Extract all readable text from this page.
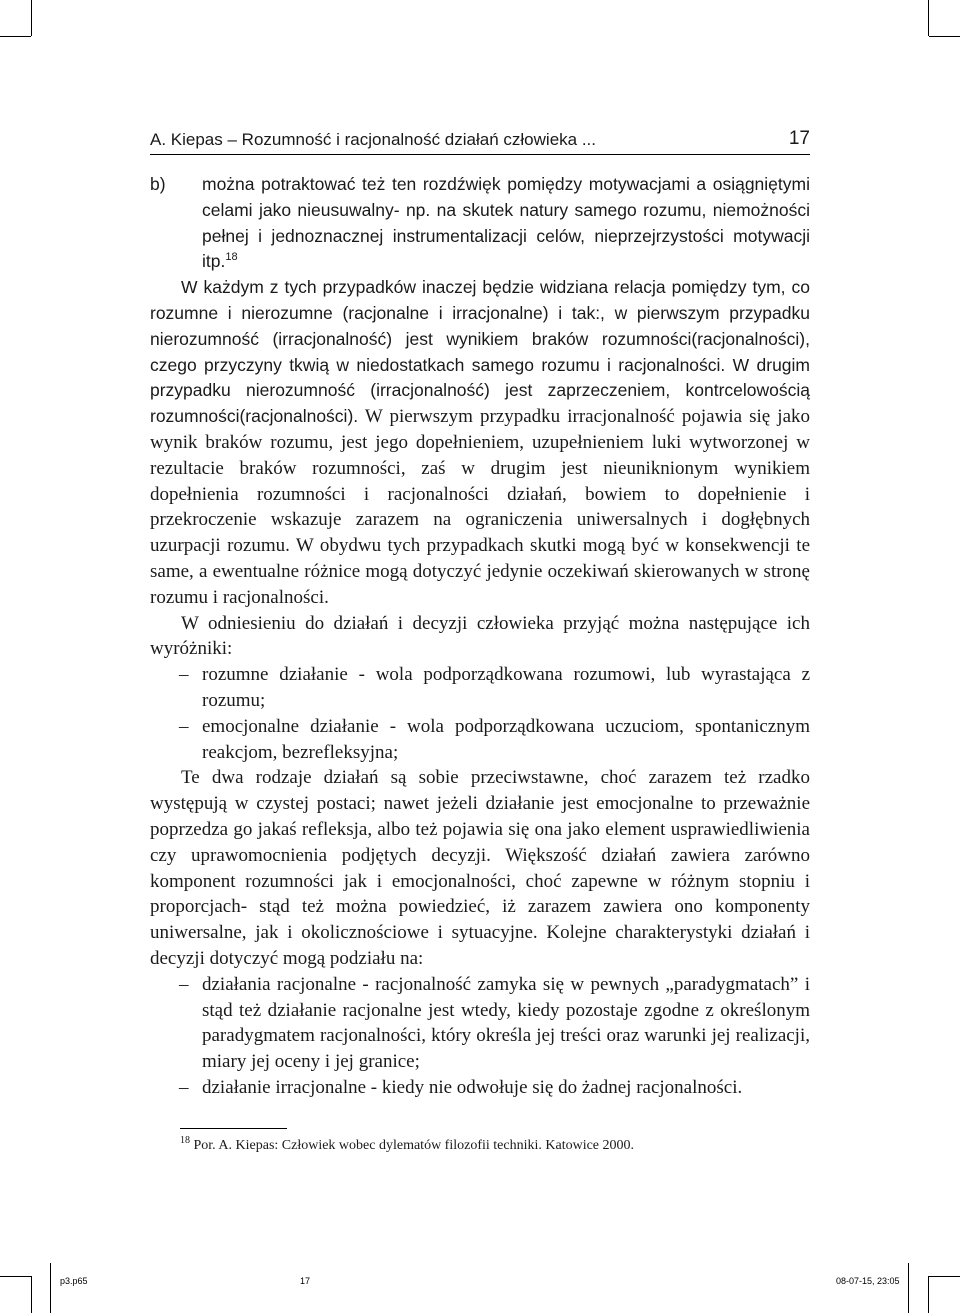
A. Kiepas – Rozumność i racjonalność działań człowieka ...	17

b) można potraktować też ten rozdźwięk pomiędzy motywacjami a osiągniętymi celami jako nieusuwalny- np. na skutek natury samego rozumu, niemożności pełnej i jednoznacznej instrumentalizacji celów, nieprzejrzystości motywacji itp.$^{18}$

W każdym z tych przypadków inaczej będzie widziana relacja pomiędzy tym, co rozumne i nierozumne (racjonalne i irracjonalne) i tak:, w pierwszym przypadku nierozumność (irracjonalność) jest wynikiem braków rozumności(racjonalności), czego przyczyny tkwią w niedostatkach samego rozumu i racjonalności. W drugim przypadku nierozumność (irracjonalność) jest zaprzeczeniem, kontrcelowością rozumności(racjonalności). W pierwszym przypadku irracjonalność pojawia się jako wynik braków rozumu, jest jego dopełnieniem, uzupełnieniem luki wytworzonej w rezultacie braków rozumności, zaś w drugim jest nieuniknionym wynikiem dopełnienia rozumności i racjonalności działań, bowiem to dopełnienie i przekroczenie wskazuje zarazem na ograniczenia uniwersalnych i dogłębnych uzurpacji rozumu. W obydwu tych przypadkach skutki mogą być w konsekwencji te same, a ewentualne różnice mogą dotyczyć jedynie oczekiwań skierowanych w stronę rozumu i racjonalności.

W odniesieniu do działań i decyzji człowieka przyjąć można następujące ich wyróżniki:

– rozumne działanie - wola podporządkowana rozumowi, lub wyrastająca z rozumu;
– emocjonalne działanie - wola podporządkowana uczuciom, spontanicznym reakcjom, bezrefleksyjna;

Te dwa rodzaje działań są sobie przeciwstawne, choć zarazem też rzadko występują w czystej postaci; nawet jeżeli działanie jest emocjonalne to przeważnie poprzedza go jakaś refleksja, albo też pojawia się ona jako element usprawiedliwienia czy uprawomocnienia podjętych decyzji. Większość działań zawiera zarówno komponent rozumności jak i emocjonalności, choć zapewne w różnym stopniu i proporcjach- stąd też można powiedzieć, iż zarazem zawiera ono komponenty uniwersalne, jak i okolicznościowe i sytuacyjne. Kolejne charakterystyki działań i decyzji dotyczyć mogą podziału na:

– działania racjonalne - racjonalność zamyka się w pewnych „paradygmatach” i stąd też działanie racjonalne jest wtedy, kiedy pozostaje zgodne z określonym paradygmatem racjonalności, który określa jej treści oraz warunki jej realizacji, miary jej oceny i jej granice;
– działanie irracjonalne - kiedy nie odwołuje się do żadnej racjonalności.
$^{18}$ Por. A. Kiepas: Człowiek wobec dylematów filozofii techniki. Katowice 2000.
p3.p65	17	08-07-15, 23:05
